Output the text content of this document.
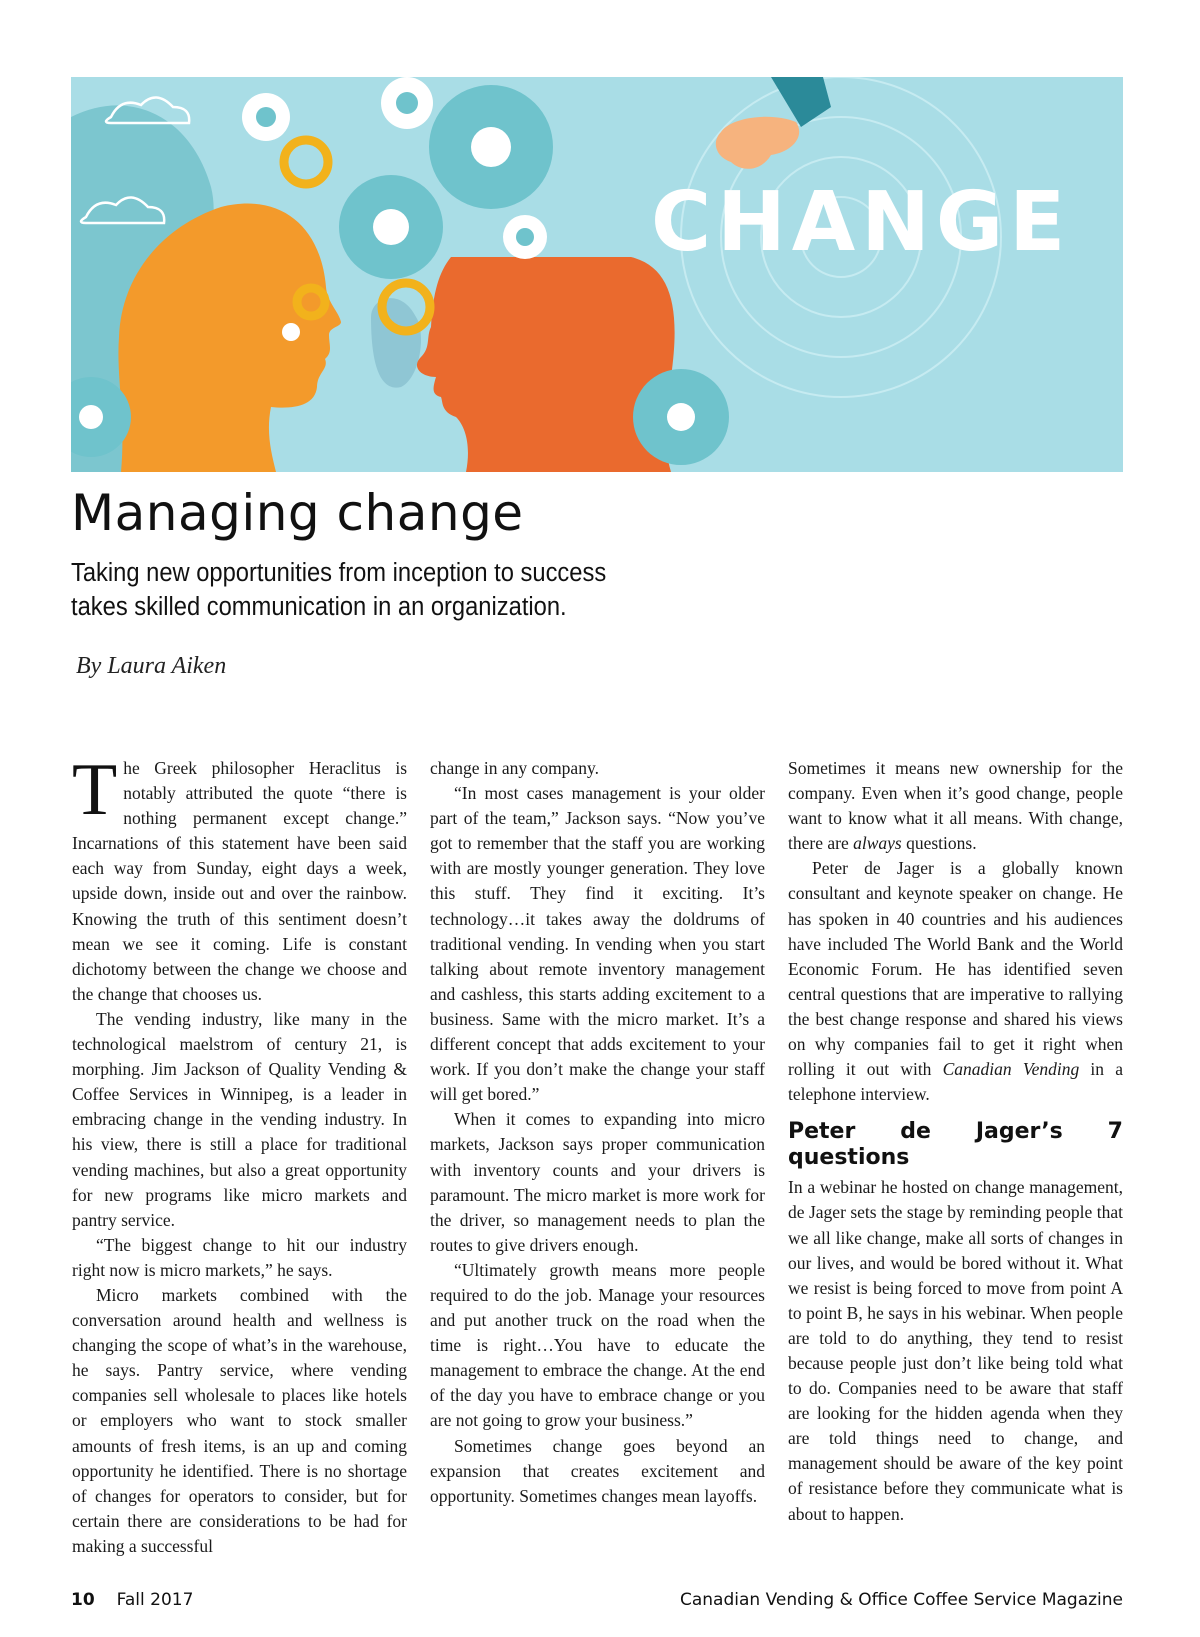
CHANGE
Managing change

Taking new opportunities from inception to success takes skilled communication in an organization.

By Laura Aiken

The Greek philosopher Heraclitus is notably attributed the quote “there is nothing permanent except change.” Incarnations of this statement have been said each way from Sunday, eight days a week, upside down, inside out and over the rainbow. Knowing the truth of this sentiment doesn’t mean we see it coming. Life is constant dichotomy between the change we choose and the change that chooses us.

The vending industry, like many in the technological maelstrom of century 21, is morphing. Jim Jackson of Quality Vending & Coffee Services in Winnipeg, is a leader in embracing change in the vending industry. In his view, there is still a place for traditional vending machines, but also a great opportunity for new programs like micro markets and pantry service.

“The biggest change to hit our industry right now is micro markets,” he says.

Micro markets combined with the conversation around health and wellness is changing the scope of what’s in the warehouse, he says. Pantry service, where vending companies sell wholesale to places like hotels or employers who want to stock smaller amounts of fresh items, is an up and coming opportunity he identified. There is no shortage of changes for operators to consider, but for certain there are considerations to be had for making a successful

change in any company.

“In most cases management is your older part of the team,” Jackson says. “Now you’ve got to remember that the staff you are working with are mostly younger generation. They love this stuff. They find it exciting. It’s technology…it takes away the doldrums of traditional vending. In vending when you start talking about remote inventory management and cashless, this starts adding excitement to a business. Same with the micro market. It’s a different concept that adds excitement to your work. If you don’t make the change your staff will get bored.”

When it comes to expanding into micro markets, Jackson says proper communication with inventory counts and your drivers is paramount. The micro market is more work for the driver, so management needs to plan the routes to give drivers enough.

“Ultimately growth means more people required to do the job. Manage your resources and put another truck on the road when the time is right…You have to educate the management to embrace the change. At the end of the day you have to embrace change or you are not going to grow your business.”

Sometimes change goes beyond an expansion that creates excitement and opportunity. Sometimes changes mean layoffs.

Sometimes it means new ownership for the company. Even when it’s good change, people want to know what it all means. With change, there are always questions.

Peter de Jager is a globally known consultant and keynote speaker on change. He has spoken in 40 countries and his audiences have included The World Bank and the World Economic Forum. He has identified seven central questions that are imperative to rallying the best change response and shared his views on why companies fail to get it right when rolling it out with Canadian Vending in a telephone interview.

Peter de Jager’s 7 questions

In a webinar he hosted on change management, de Jager sets the stage by reminding people that we all like change, make all sorts of changes in our lives, and would be bored without it. What we resist is being forced to move from point A to point B, he says in his webinar. When people are told to do anything, they tend to resist because people just don’t like being told what to do. Companies need to be aware that staff are looking for the hidden agenda when they are told things need to change, and management should be aware of the key point of resistance before they communicate what is about to happen.

10 Fall 2017	Canadian Vending & Office Coffee Service Magazine
